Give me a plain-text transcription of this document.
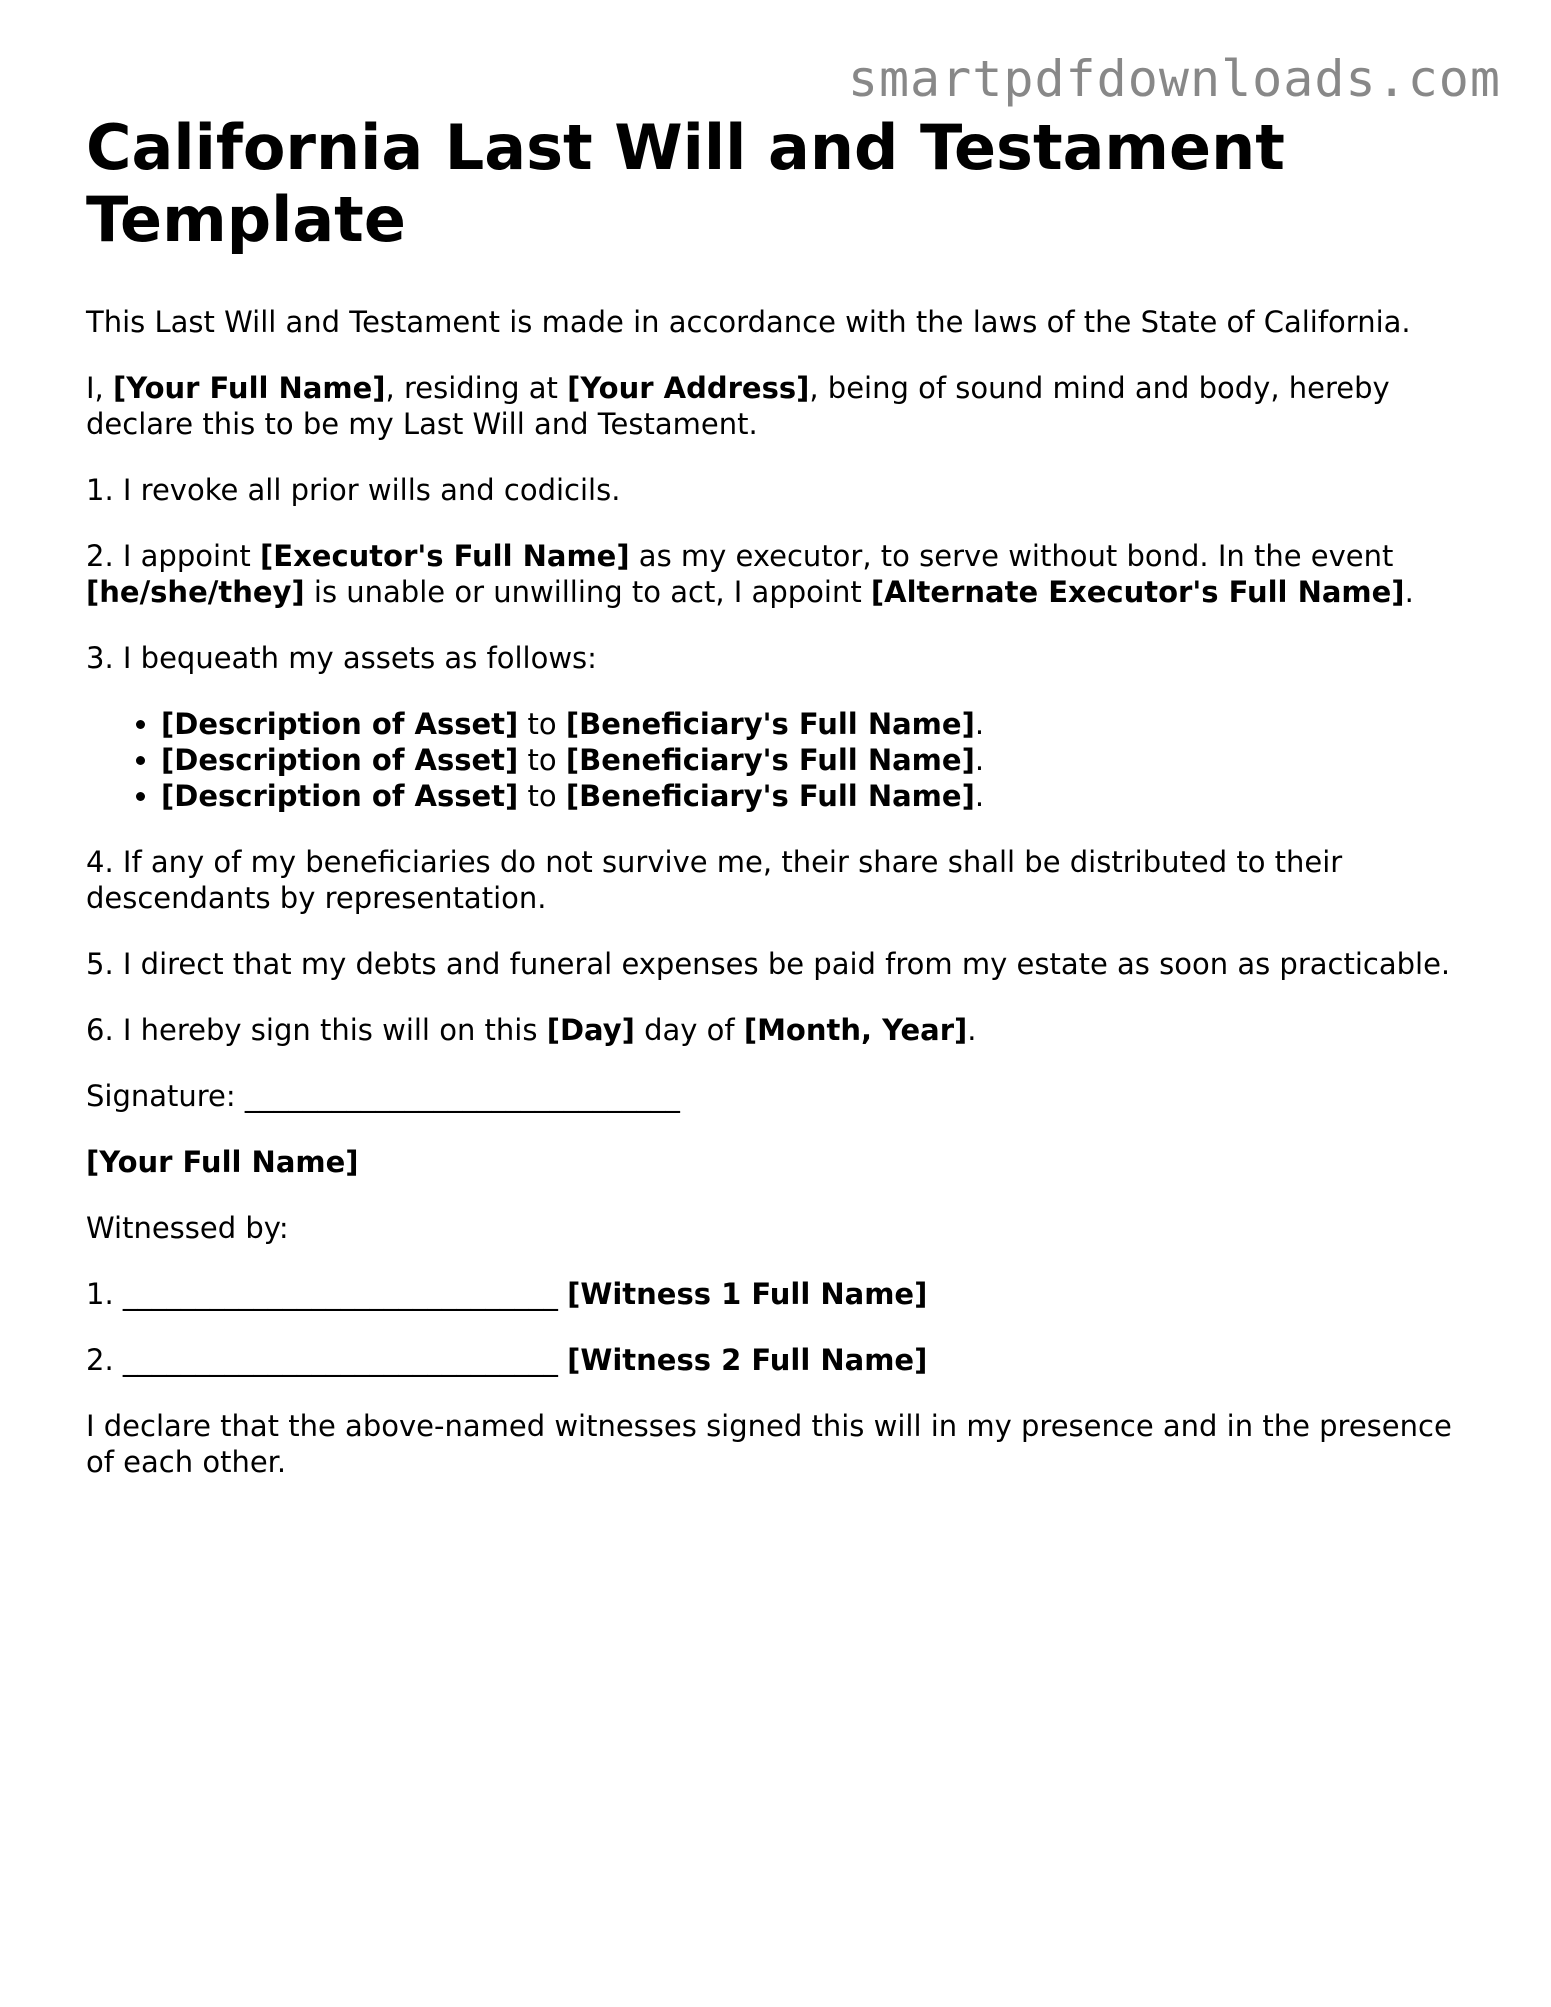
smartpdfdownloads.com
California Last Will and Testament Template

This Last Will and Testament is made in accordance with the laws of the State of California.

I, [Your Full Name], residing at [Your Address], being of sound mind and body, hereby declare this to be my Last Will and Testament.

1. I revoke all prior wills and codicils.

2. I appoint [Executor's Full Name] as my executor, to serve without bond. In the event [he/she/they] is unable or unwilling to act, I appoint [Alternate Executor's Full Name].

3. I bequeath my assets as follows:

• [Description of Asset] to [Beneficiary's Full Name].
• [Description of Asset] to [Beneficiary's Full Name].
• [Description of Asset] to [Beneficiary's Full Name].

4. If any of my beneficiaries do not survive me, their share shall be distributed to their descendants by representation.

5. I direct that my debts and funeral expenses be paid from my estate as soon as practicable.

6. I hereby sign this will on this [Day] day of [Month, Year].

Signature: ______________________________

[Your Full Name]

Witnessed by:

1. ______________________________ [Witness 1 Full Name]

2. ______________________________ [Witness 2 Full Name]

I declare that the above-named witnesses signed this will in my presence and in the presence of each other.
